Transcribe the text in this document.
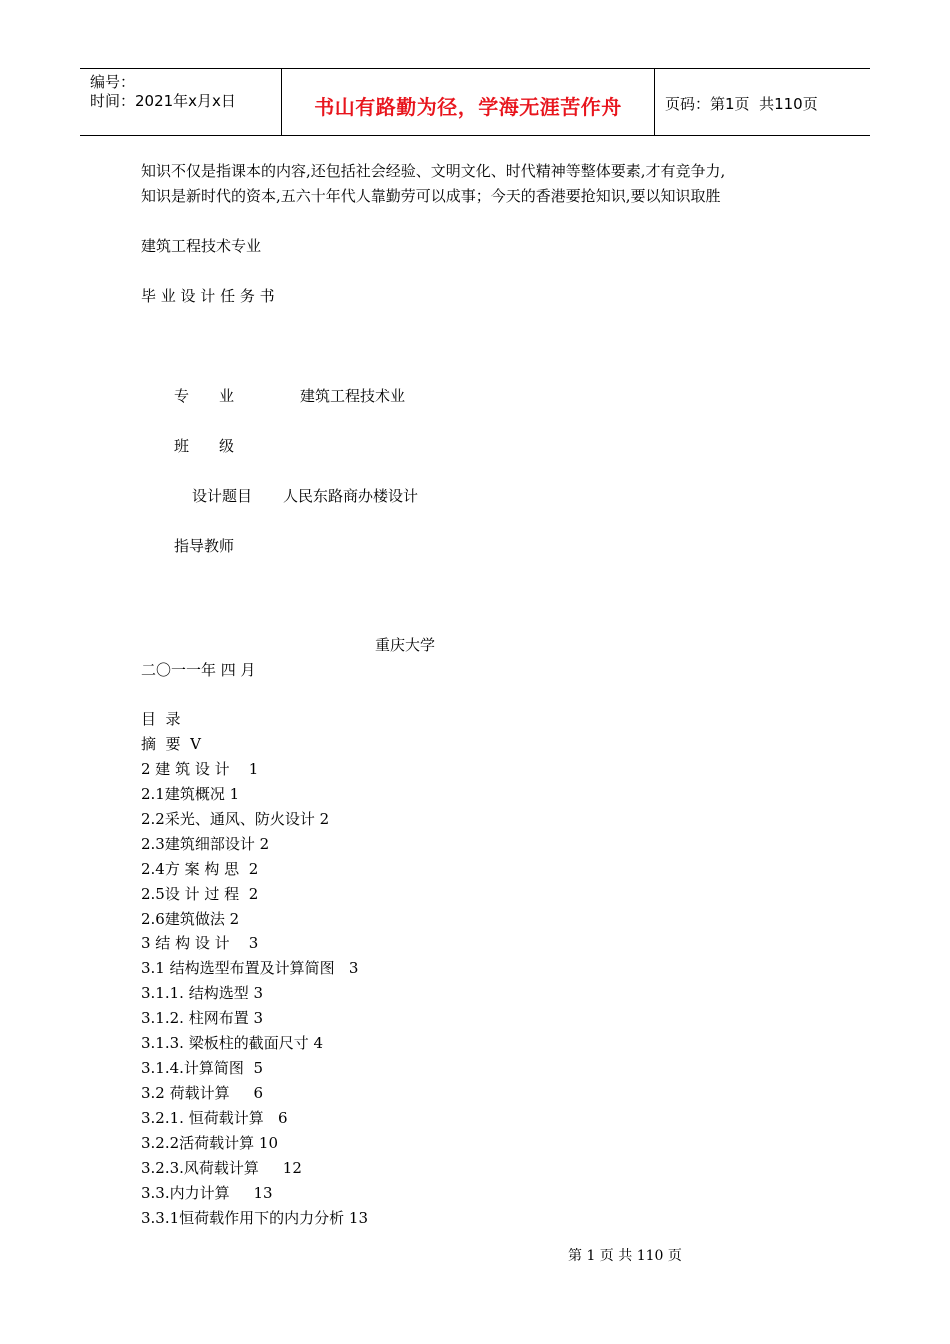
编号：
时间：2021年x月x日	书山有路勤为径，学海无涯苦作舟	页码：第1页  共110页
知识不仅是指课本的内容,还包括社会经验、文明文化、时代精神等整体要素,才有竞争力,
知识是新时代的资本,五六十年代人靠勤劳可以成事；今天的香港要抢知识,要以知识取胜
建筑工程技术专业
毕 业 设 计 任 务 书
专　　业	建筑工程技术业
班　　级
设计题目 人民东路商办楼设计
指导教师
重庆大学
二〇一一年 四 月
目  录
摘  要  V
2 建 筑 设 计    1
2.1建筑概况 1
2.2采光、通风、防火设计 2
2.3建筑细部设计 2
2.4方 案 构 思  2
2.5设 计 过 程  2
2.6建筑做法 2
3 结 构 设 计    3
3.1 结构选型布置及计算简图   3
3.1.1. 结构选型 3
3.1.2. 柱网布置 3
3.1.3. 梁板柱的截面尺寸 4
3.1.4.计算简图  5
3.2 荷载计算     6
3.2.1. 恒荷载计算   6
3.2.2活荷载计算 10
3.2.3.风荷载计算     12
3.3.内力计算     13
3.3.1恒荷载作用下的内力分析 13
第 1 页 共 110 页
